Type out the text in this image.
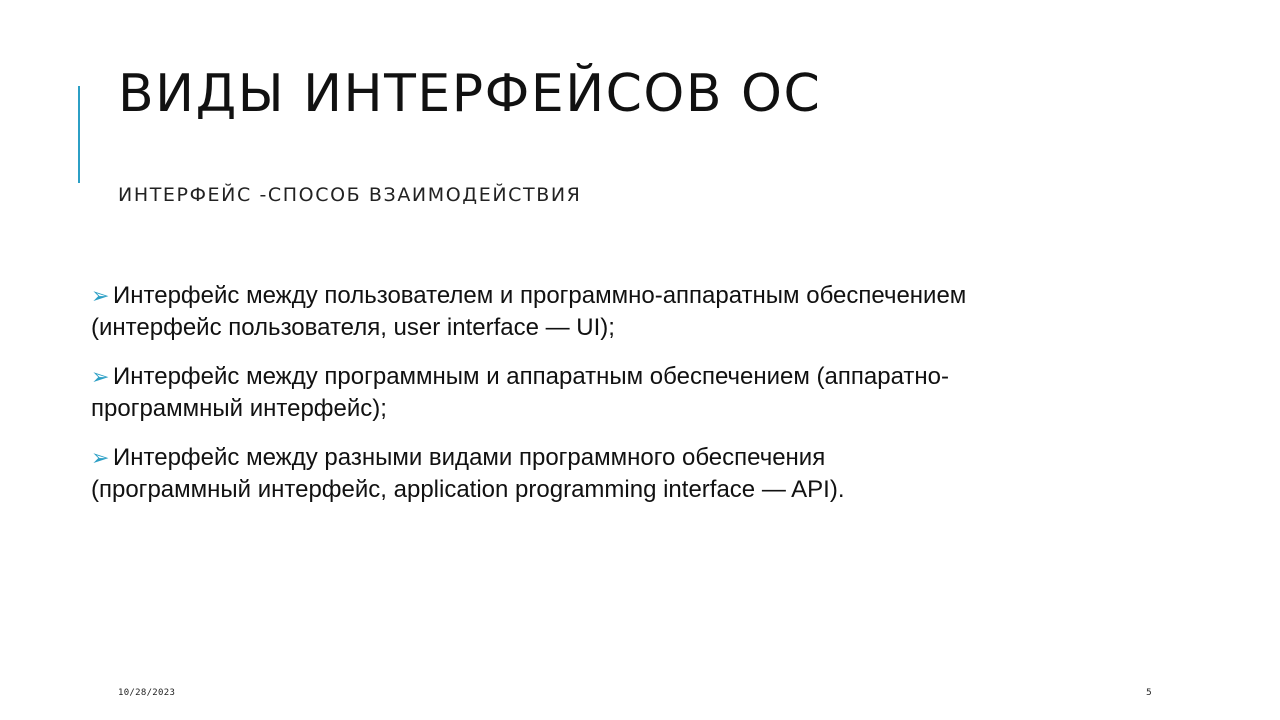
ВИДЫ ИНТЕРФЕЙСОВ ОС
ИНТЕРФЕЙС -СПОСОБ ВЗАИМОДЕЙСТВИЯ
➢ Интерфейс между пользователем и программно-аппаратным обеспечением
(интерфейс пользователя, user interface — UI);
➢ Интерфейс между программным и аппаратным обеспечением (аппаратно-
программный интерфейс);
➢ Интерфейс между разными видами программного обеспечения
(программный интерфейс, application programming interface — API).
10/28/2023	5
